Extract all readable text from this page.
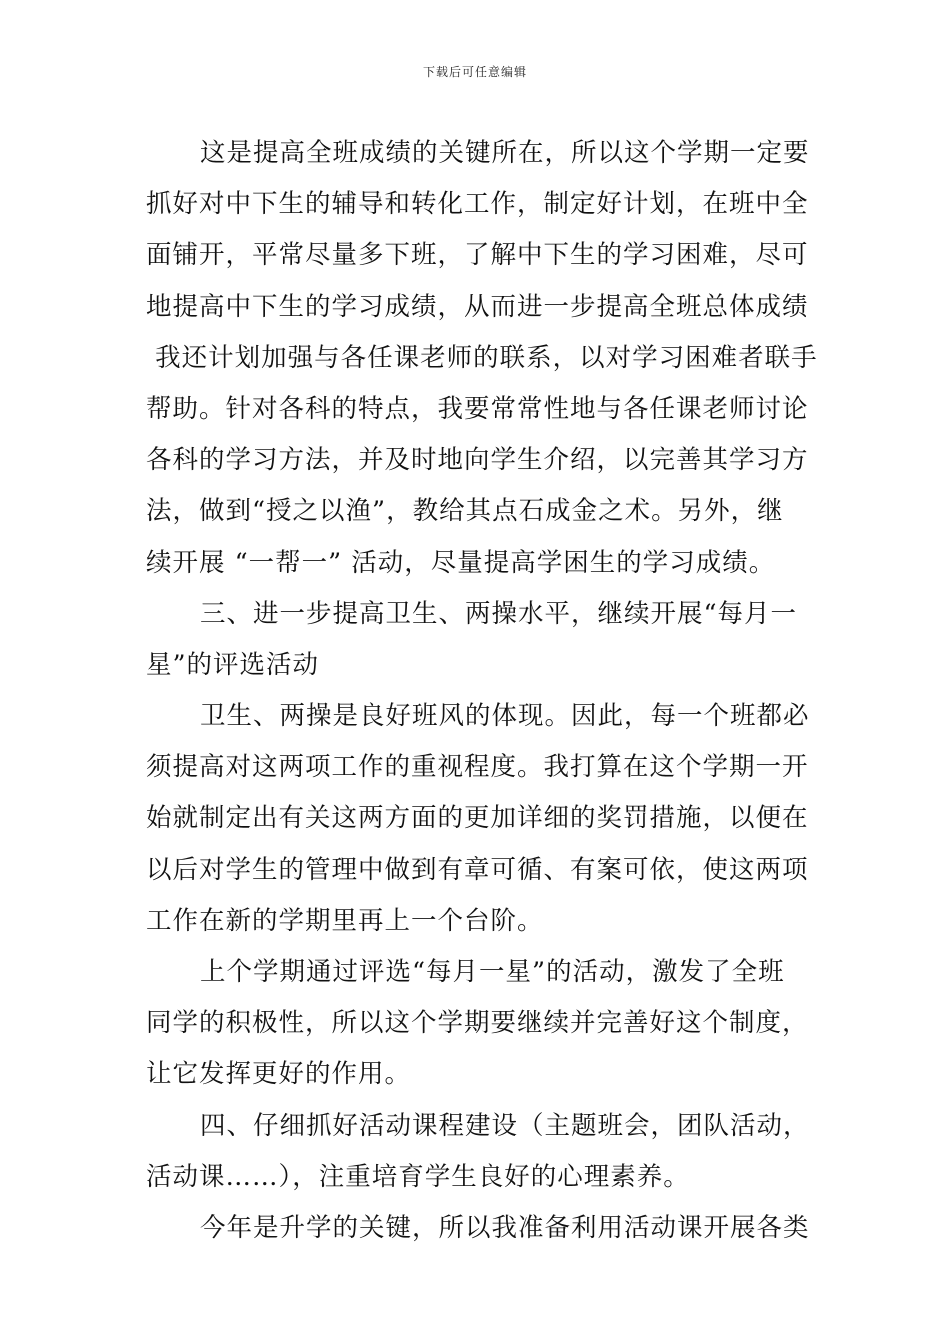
下载后可任意编辑
这是提高全班成绩的关键所在，所以这个学期一定要
抓好对中下生的辅导和转化工作，制定好计划，在班中全
面铺开，平常尽量多下班，了解中下生的学习困难，尽可
地提高中下生的学习成绩，从而进一步提高全班总体成绩
我还计划加强与各任课老师的联系，以对学习困难者联手
帮助。针对各科的特点，我要常常性地与各任课老师讨论
各科的学习方法，并及时地向学生介绍，以完善其学习方
法，做到“授之以渔”，教给其点石成金之术。另外，继
续开展 “一帮一” 活动，尽量提高学困生的学习成绩。
三、进一步提高卫生、两操水平，继续开展“每月一
星”的评选活动
卫生、两操是良好班风的体现。因此，每一个班都必
须提高对这两项工作的重视程度。我打算在这个学期一开
始就制定出有关这两方面的更加详细的奖罚措施，以便在
以后对学生的管理中做到有章可循、有案可依，使这两项
工作在新的学期里再上一个台阶。
上个学期通过评选“每月一星”的活动，激发了全班
同学的积极性，所以这个学期要继续并完善好这个制度，
让它发挥更好的作用。
四、仔细抓好活动课程建设（主题班会，团队活动，
活动课……），注重培育学生良好的心理素养。
今年是升学的关键，所以我准备利用活动课开展各类
